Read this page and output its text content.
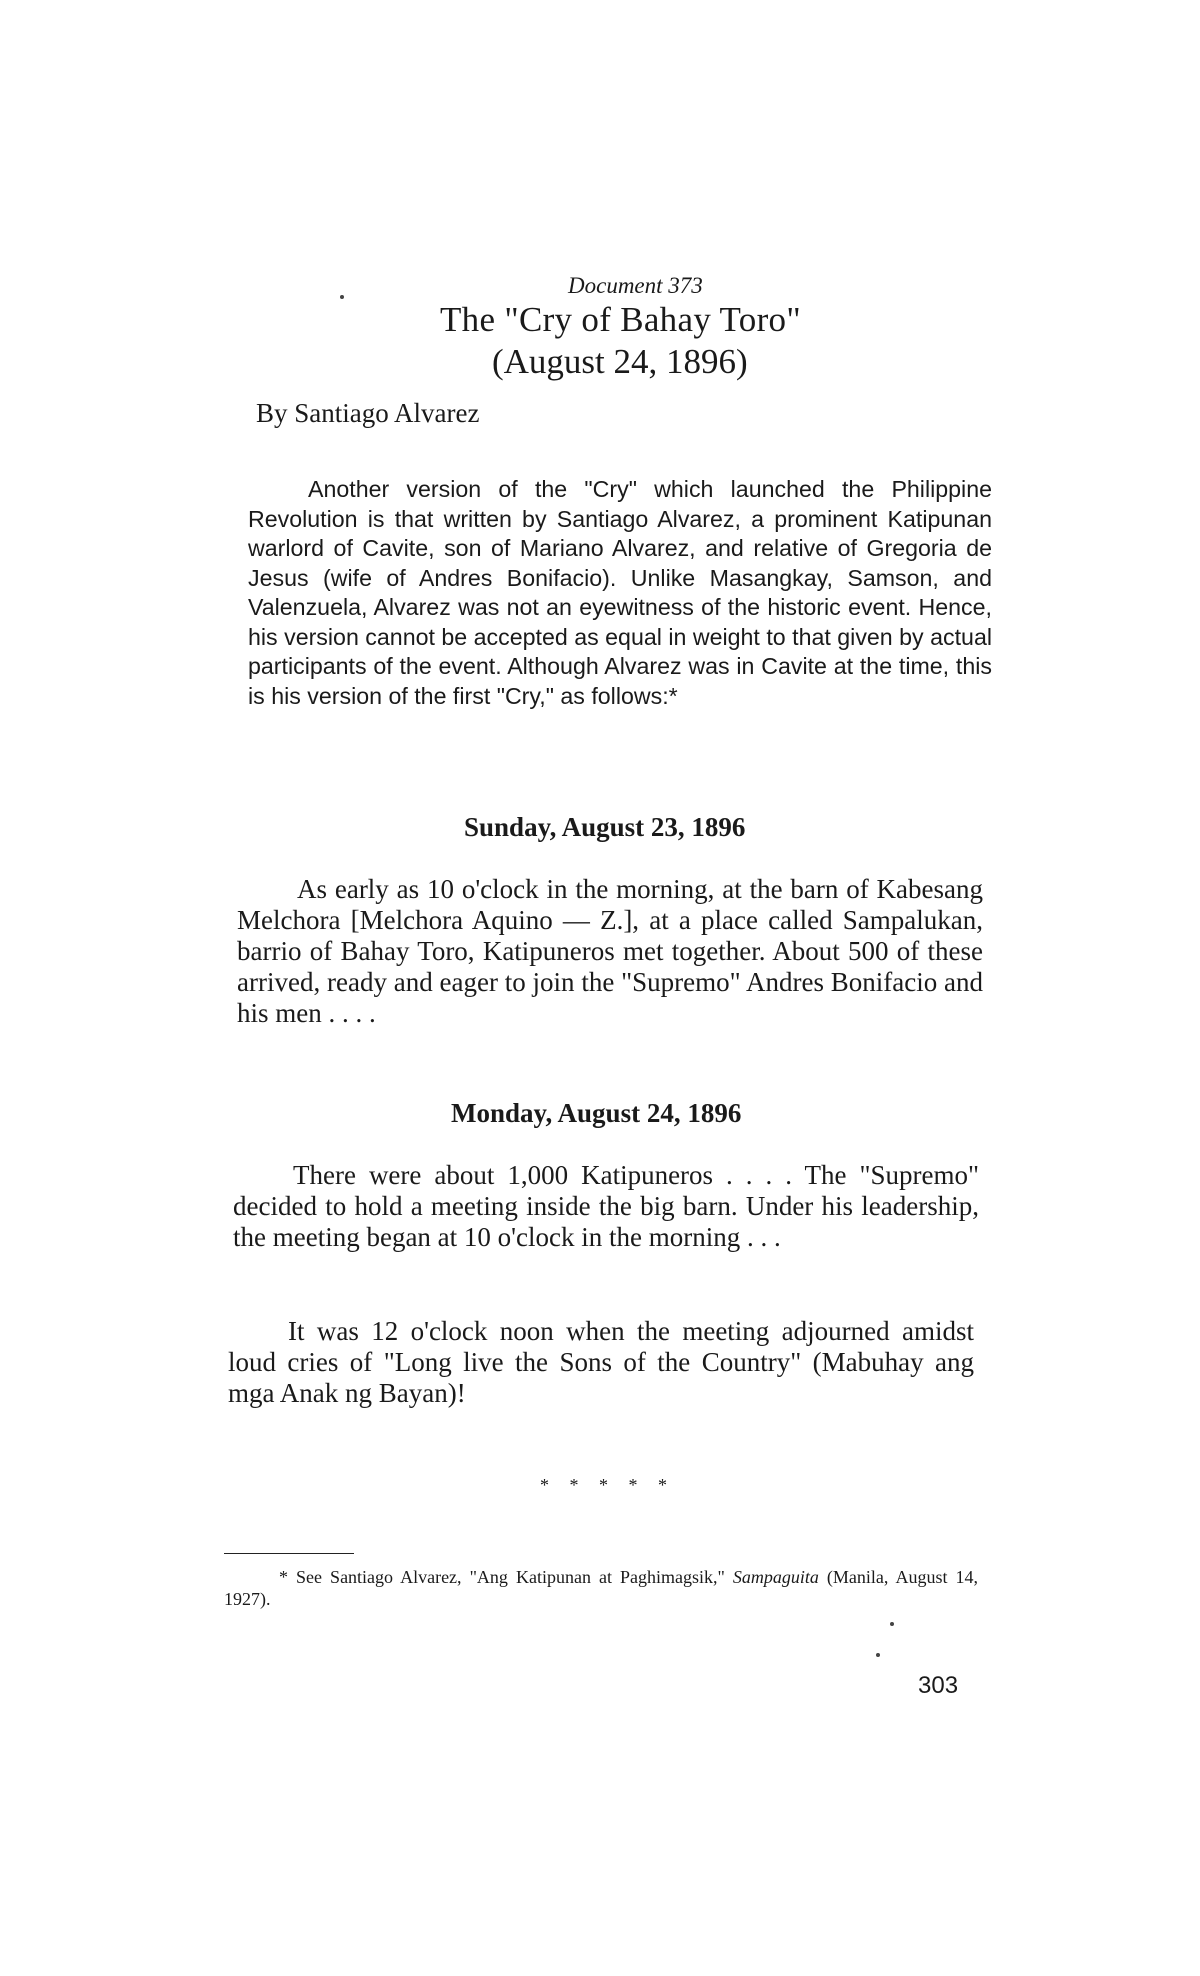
Document 373
The "Cry of Bahay Toro"
(August 24, 1896)
By Santiago Alvarez

Another version of the "Cry" which launched the Philippine Revolution is that written by Santiago Alvarez, a prominent Katipunan warlord of Cavite, son of Mariano Alvarez, and relative of Gregoria de Jesus (wife of Andres Bonifacio). Unlike Masangkay, Samson, and Valenzuela, Alvarez was not an eyewitness of the historic event. Hence, his version cannot be accepted as equal in weight to that given by actual participants of the event. Although Alvarez was in Cavite at the time, this is his version of the first "Cry," as follows:*

Sunday, August 23, 1896

As early as 10 o'clock in the morning, at the barn of Kabesang Melchora [Melchora Aquino — Z.], at a place called Sampalukan, barrio of Bahay Toro, Katipuneros met together. About 500 of these arrived, ready and eager to join the "Supremo" Andres Bonifacio and his men . . . .

Monday, August 24, 1896

There were about 1,000 Katipuneros . . . . The "Supremo" decided to hold a meeting inside the big barn. Under his leadership, the meeting began at 10 o'clock in the morning . . .

It was 12 o'clock noon when the meeting adjourned amidst loud cries of "Long live the Sons of the Country" (Mabuhay ang mga Anak ng Bayan)!

* * * * *

* See Santiago Alvarez, "Ang Katipunan at Paghimagsik," Sampaguita (Manila, August 14, 1927).

303
